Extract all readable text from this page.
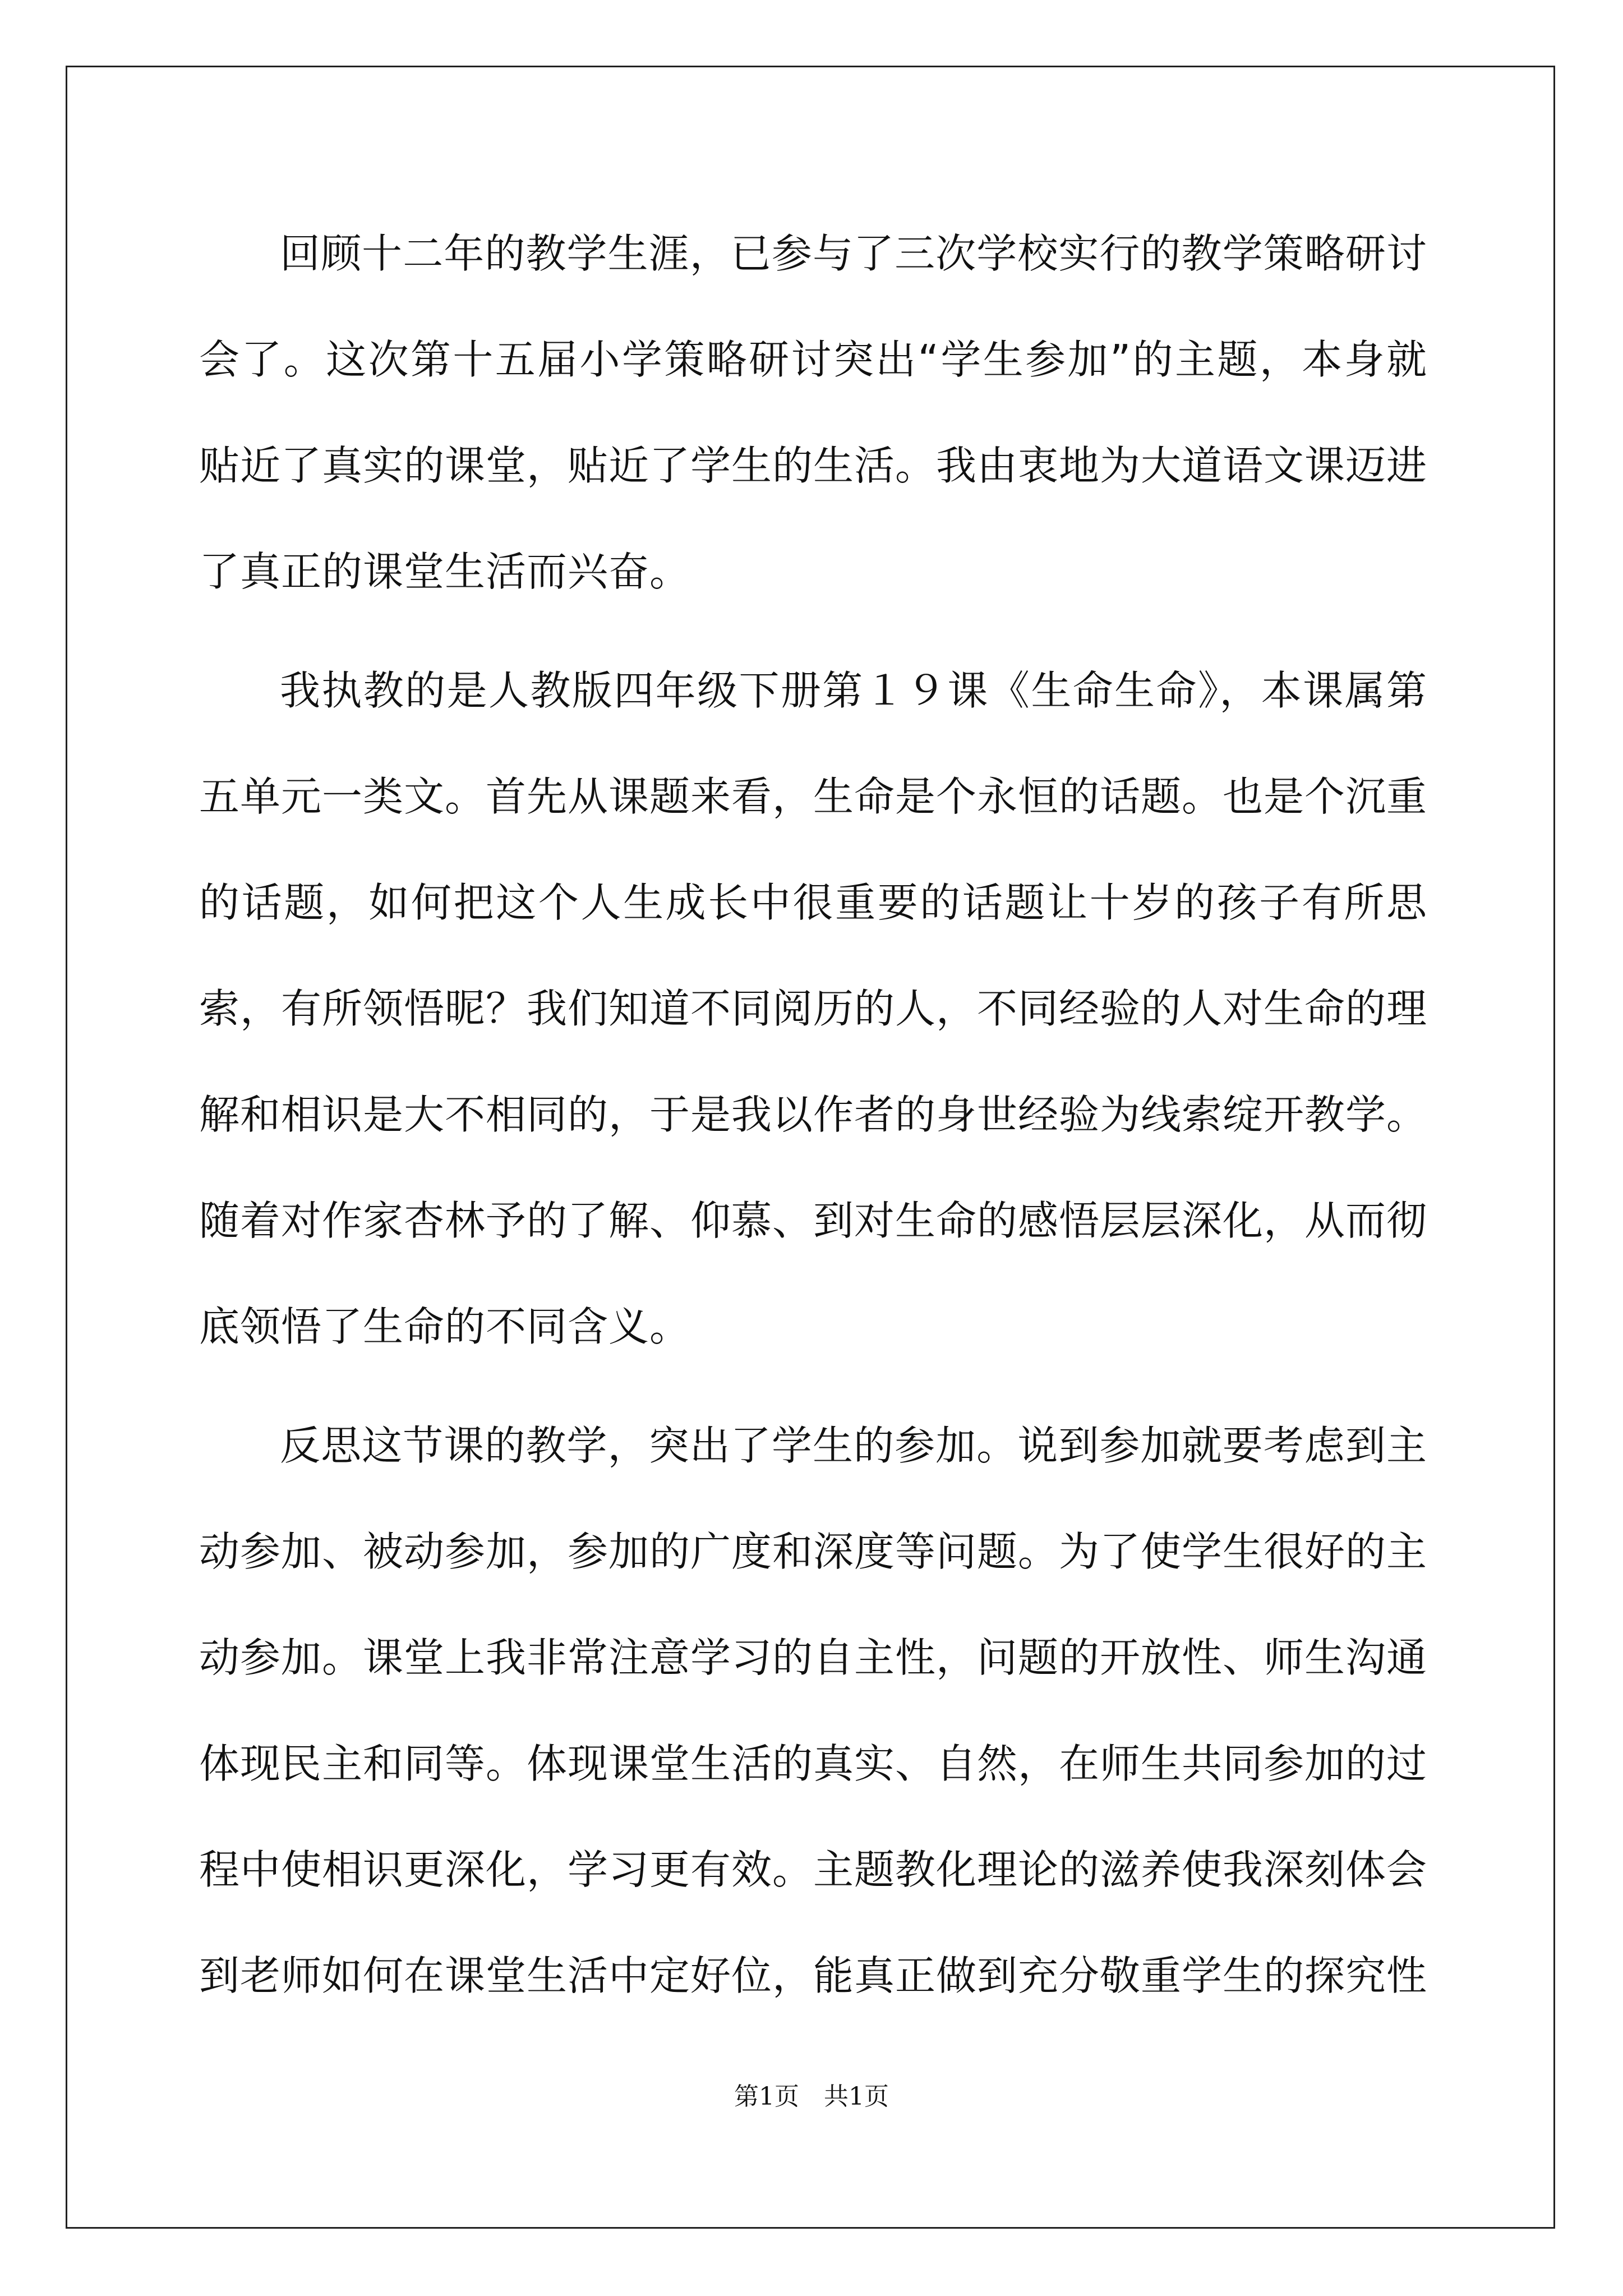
回顾十二年的教学生涯，已参与了三次学校实行的教学策略研讨会了。这次第十五届小学策略研讨突出“学生参加”的主题，本身就贴近了真实的课堂，贴近了学生的生活。我由衷地为大道语文课迈进了真正的课堂生活而兴奋。

我执教的是人教版四年级下册第１９课《生命生命》，本课属第五单元一类文。首先从课题来看，生命是个永恒的话题。也是个沉重的话题，如何把这个人生成长中很重要的话题让十岁的孩子有所思索，有所领悟昵？我们知道不同阅历的人，不同经验的人对生命的理解和相识是大不相同的，于是我以作者的身世经验为线索绽开教学。随着对作家杏林予的了解、仰慕、到对生命的感悟层层深化，从而彻底领悟了生命的不同含义。

反思这节课的教学，突出了学生的参加。说到参加就要考虑到主动参加、被动参加，参加的广度和深度等问题。为了使学生很好的主动参加。课堂上我非常注意学习的自主性，问题的开放性、师生沟通体现民主和同等。体现课堂生活的真实、自然，在师生共同参加的过程中使相识更深化，学习更有效。主题教化理论的滋养使我深刻体会到老师如何在课堂生活中定好位，能真正做到充分敬重学生的探究性

第1页　共1页
